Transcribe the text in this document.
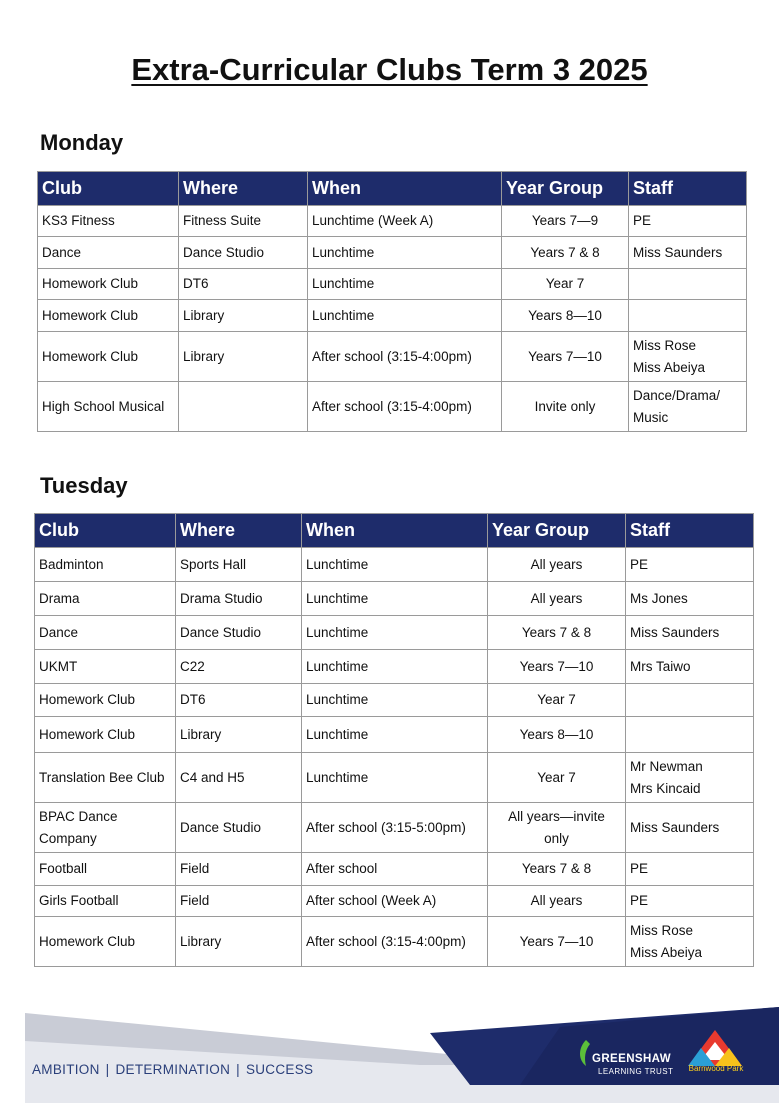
Extra-Curricular Clubs Term 3 2025
Monday
Club	Where	When	Year Group	Staff
KS3 Fitness	Fitness Suite	Lunchtime (Week A)	Years 7—9	PE
Dance	Dance Studio	Lunchtime	Years 7 & 8	Miss Saunders
Homework Club	DT6	Lunchtime	Year 7	
Homework Club	Library	Lunchtime	Years 8—10	
Homework Club	Library	After school (3:15-4:00pm)	Years 7—10	Miss Rose
Miss Abeiya
High School Musical		After school (3:15-4:00pm)	Invite only	Dance/Drama/
Music
Tuesday
Club	Where	When	Year Group	Staff
Badminton	Sports Hall	Lunchtime	All years	PE
Drama	Drama Studio	Lunchtime	All years	Ms Jones
Dance	Dance Studio	Lunchtime	Years 7 & 8	Miss Saunders
UKMT	C22	Lunchtime	Years 7—10	Mrs Taiwo
Homework Club	DT6	Lunchtime	Year 7	
Homework Club	Library	Lunchtime	Years 8—10	
Translation Bee Club	C4 and H5	Lunchtime	Year 7	Mr Newman
Mrs Kincaid
BPAC Dance
Company	Dance Studio	After school (3:15-5:00pm)	All years—invite
only	Miss Saunders
Football	Field	After school	Years 7 & 8	PE
Girls Football	Field	After school (Week A)	All years	PE
Homework Club	Library	After school (3:15-4:00pm)	Years 7—10	Miss Rose
Miss Abeiya
AMBITION | DETERMINATION | SUCCESS
GREENSHAW
LEARNING TRUST	Barnwood Park
